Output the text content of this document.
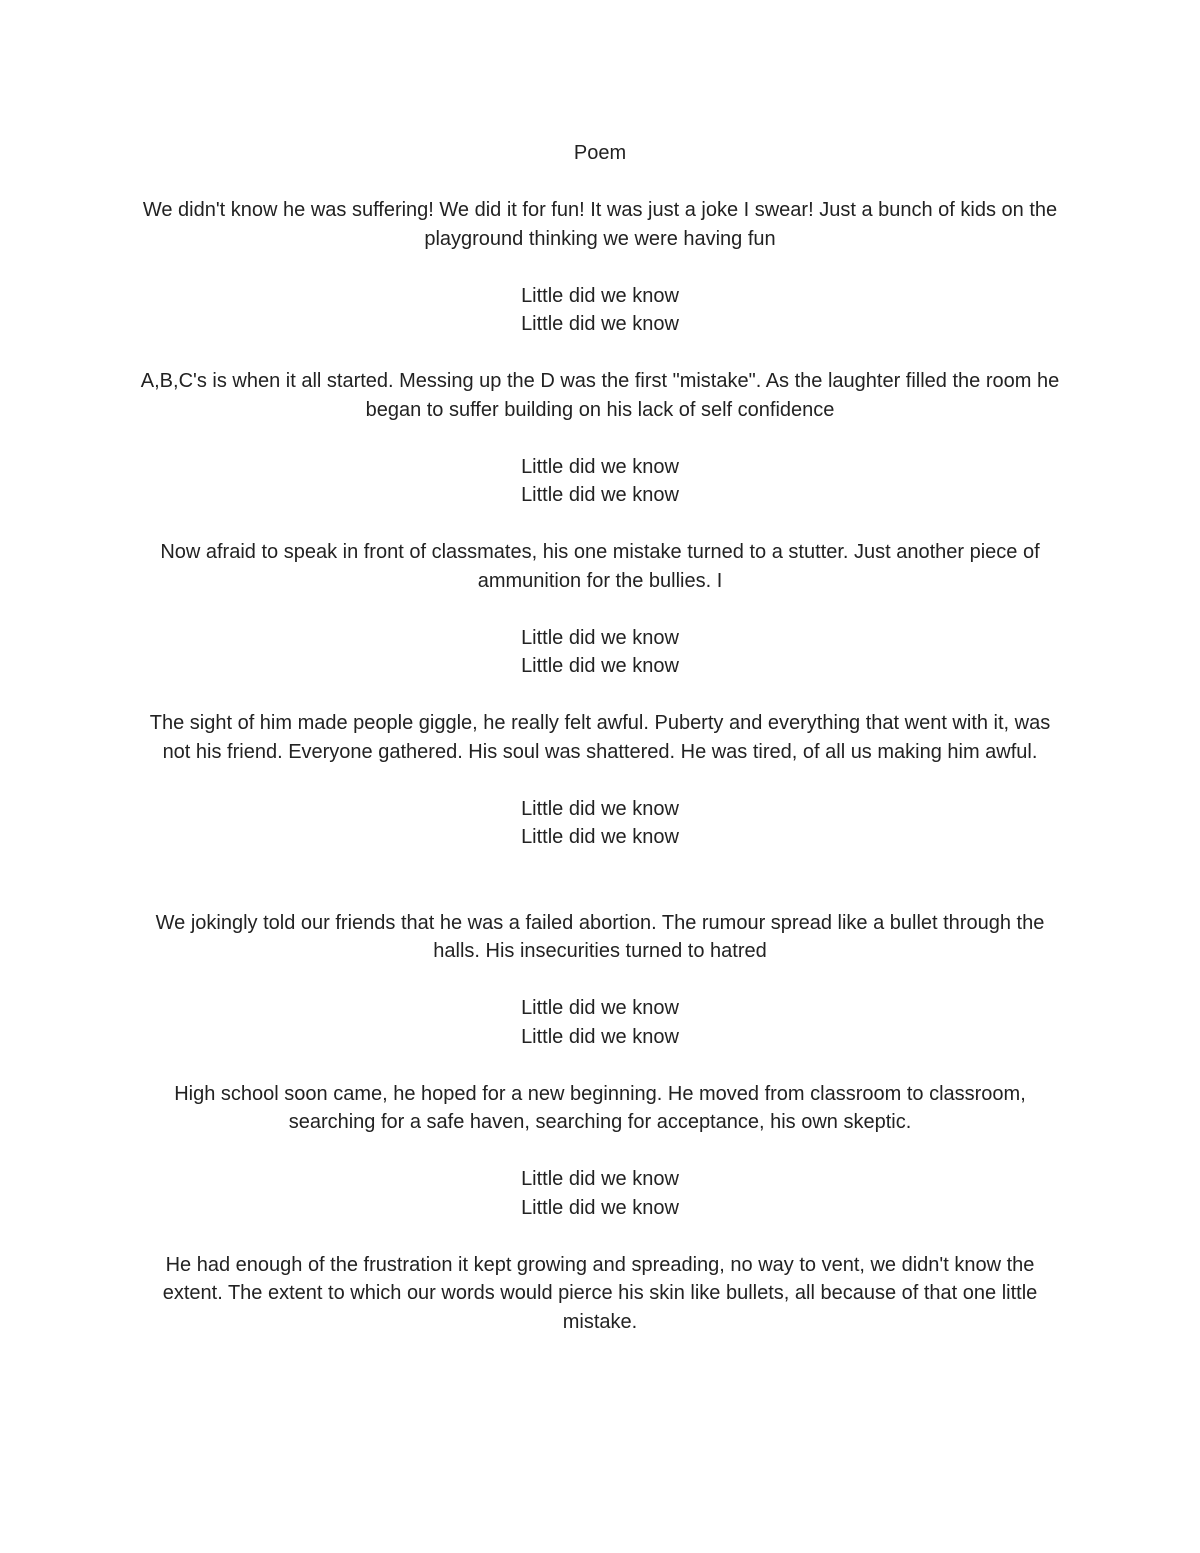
Poem
We didn't know he was suffering! We did it for fun! It was just a joke I swear! Just a bunch of kids on the playground thinking we were having fun
Little did we know
Little did we know
A,B,C's is when it all started. Messing up the D was the first "mistake". As the laughter filled the room he began to suffer building on his lack of self confidence
Little did we know
Little did we know
Now afraid to speak in front of classmates, his one mistake turned to a stutter. Just another piece of ammunition for the bullies. I
Little did we know
Little did we know
The sight of him made people giggle, he really felt awful. Puberty and everything that went with it, was not his friend. Everyone gathered. His soul was shattered. He was tired, of all us making him awful.
Little did we know
Little did we know
We jokingly told our friends that he was a failed abortion. The rumour spread like a bullet through the halls. His insecurities turned to hatred
Little did we know
Little did we know
High school soon came, he hoped for a new beginning. He moved from classroom to classroom, searching for a safe haven, searching for acceptance, his own skeptic.
Little did we know
Little did we know
He had enough of the frustration it kept growing and spreading, no way to vent, we didn't know the extent. The extent to which our words would pierce his skin like bullets, all because of that one little mistake.
